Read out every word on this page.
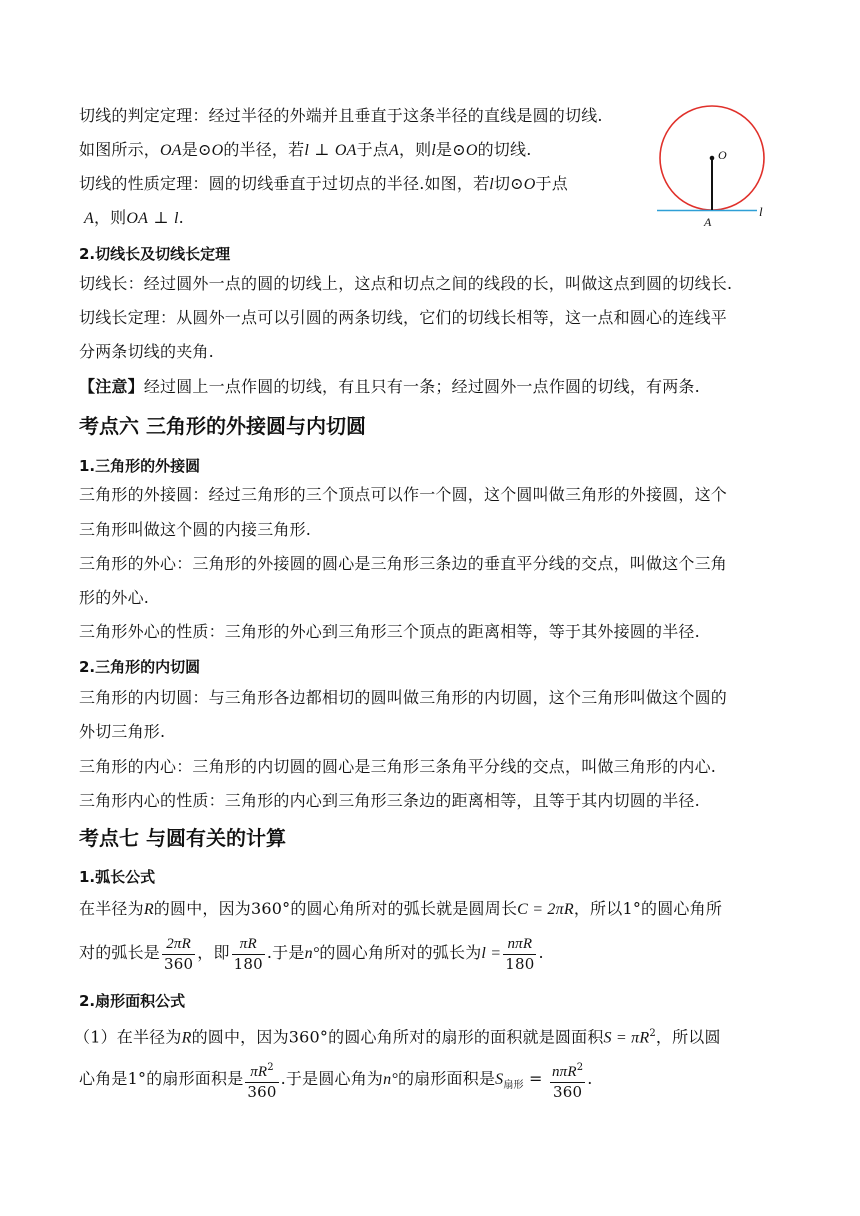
切线的判定定理：经过半径的外端并且垂直于这条半径的直线是圆的切线.
如图所示，OA是⊙O的半径，若l ⊥ OA于点A，则l是⊙O的切线.
切线的性质定理：圆的切线垂直于过切点的半径.如图，若l切⊙O于点
A，则OA ⊥ l.
O
A
l
2.切线长及切线长定理
切线长：经过圆外一点的圆的切线上，这点和切点之间的线段的长，叫做这点到圆的切线长.
切线长定理：从圆外一点可以引圆的两条切线，它们的切线长相等，这一点和圆心的连线平
分两条切线的夹角.
【注意】经过圆上一点作圆的切线，有且只有一条；经过圆外一点作圆的切线，有两条.
考点六 三角形的外接圆与内切圆
1.三角形的外接圆
三角形的外接圆：经过三角形的三个顶点可以作一个圆，这个圆叫做三角形的外接圆，这个
三角形叫做这个圆的内接三角形.
三角形的外心：三角形的外接圆的圆心是三角形三条边的垂直平分线的交点，叫做这个三角
形的外心.
三角形外心的性质：三角形的外心到三角形三个顶点的距离相等，等于其外接圆的半径.
2.三角形的内切圆
三角形的内切圆：与三角形各边都相切的圆叫做三角形的内切圆，这个三角形叫做这个圆的
外切三角形.
三角形的内心：三角形的内切圆的圆心是三角形三条角平分线的交点，叫做三角形的内心.
三角形内心的性质：三角形的内心到三角形三条边的距离相等，且等于其内切圆的半径.
考点七 与圆有关的计算
1.弧长公式
在半径为R的圆中，因为360°的圆心角所对的弧长就是圆周长C = 2πR，所以1°的圆心角所
对的弧长是 $\frac{2\pi R}{360}$ ，即 $\frac{\pi R}{180}$ .于是n°的圆心角所对的弧长为$l = \frac{\text{nπR}}{180}$ .
2.扇形面积公式
（1）在半径为R的圆中，因为360°的圆心角所对的扇形的面积就是圆面积$S = \pi R^2$，所以圆
心角是1°的扇形面积是 $\frac{\pi R^2}{360}$ .于是圆心角为n°的扇形面积是$S_{扇形} = \frac{n\pi R^2}{360}$ .
